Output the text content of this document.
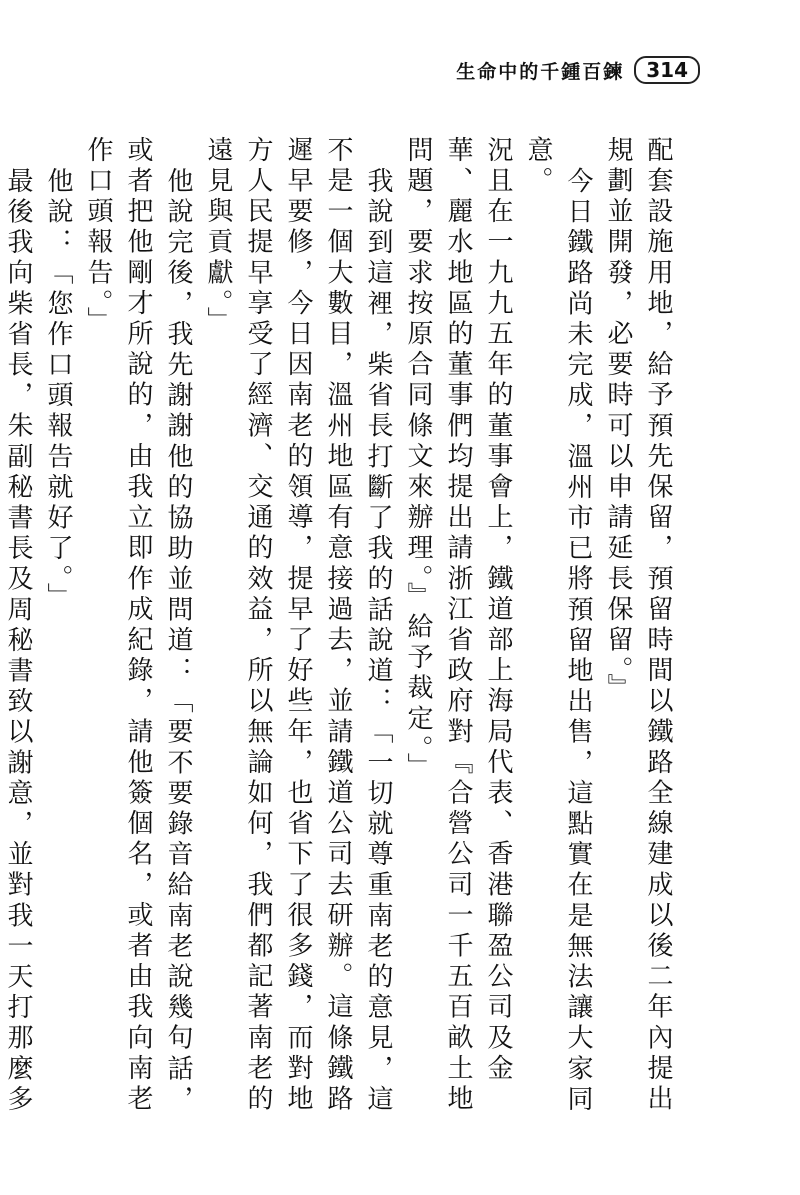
生命中的千鍾百鍊	314

配套設施用地，給予預先保留，預留時間以鐵路全線建成以後二年內提出規劃並開發，必要時可以申請延長保留。』

今日鐵路尚未完成，溫州市已將預留地出售，這點實在是無法讓大家同意。

況且在一九九五年的董事會上，鐵道部上海局代表、香港聯盈公司及金華、麗水地區的董事們均提出請浙江省政府對『合營公司一千五百畝土地問題，要求按原合同條文來辦理。』給予裁定。」

我說到這裡，柴省長打斷了我的話說道：「一切就尊重南老的意見，這不是一個大數目，溫州地區有意接過去，並請鐵道公司去研辦。這條鐵路遲早要修，今日因南老的領導，提早了好些年，也省下了很多錢，而對地方人民提早享受了經濟、交通的效益，所以無論如何，我們都記著南老的遠見與貢獻。」

他說完後，我先謝謝他的協助並問道：「要不要錄音給南老說幾句話，或者把他剛才所說的，由我立即作成紀錄，請他簽個名，或者由我向南老作口頭報告。」

他說：「您作口頭報告就好了。」

最後我向柴省長，朱副秘書長及周秘書致以謝意，並對我一天打那麼多
